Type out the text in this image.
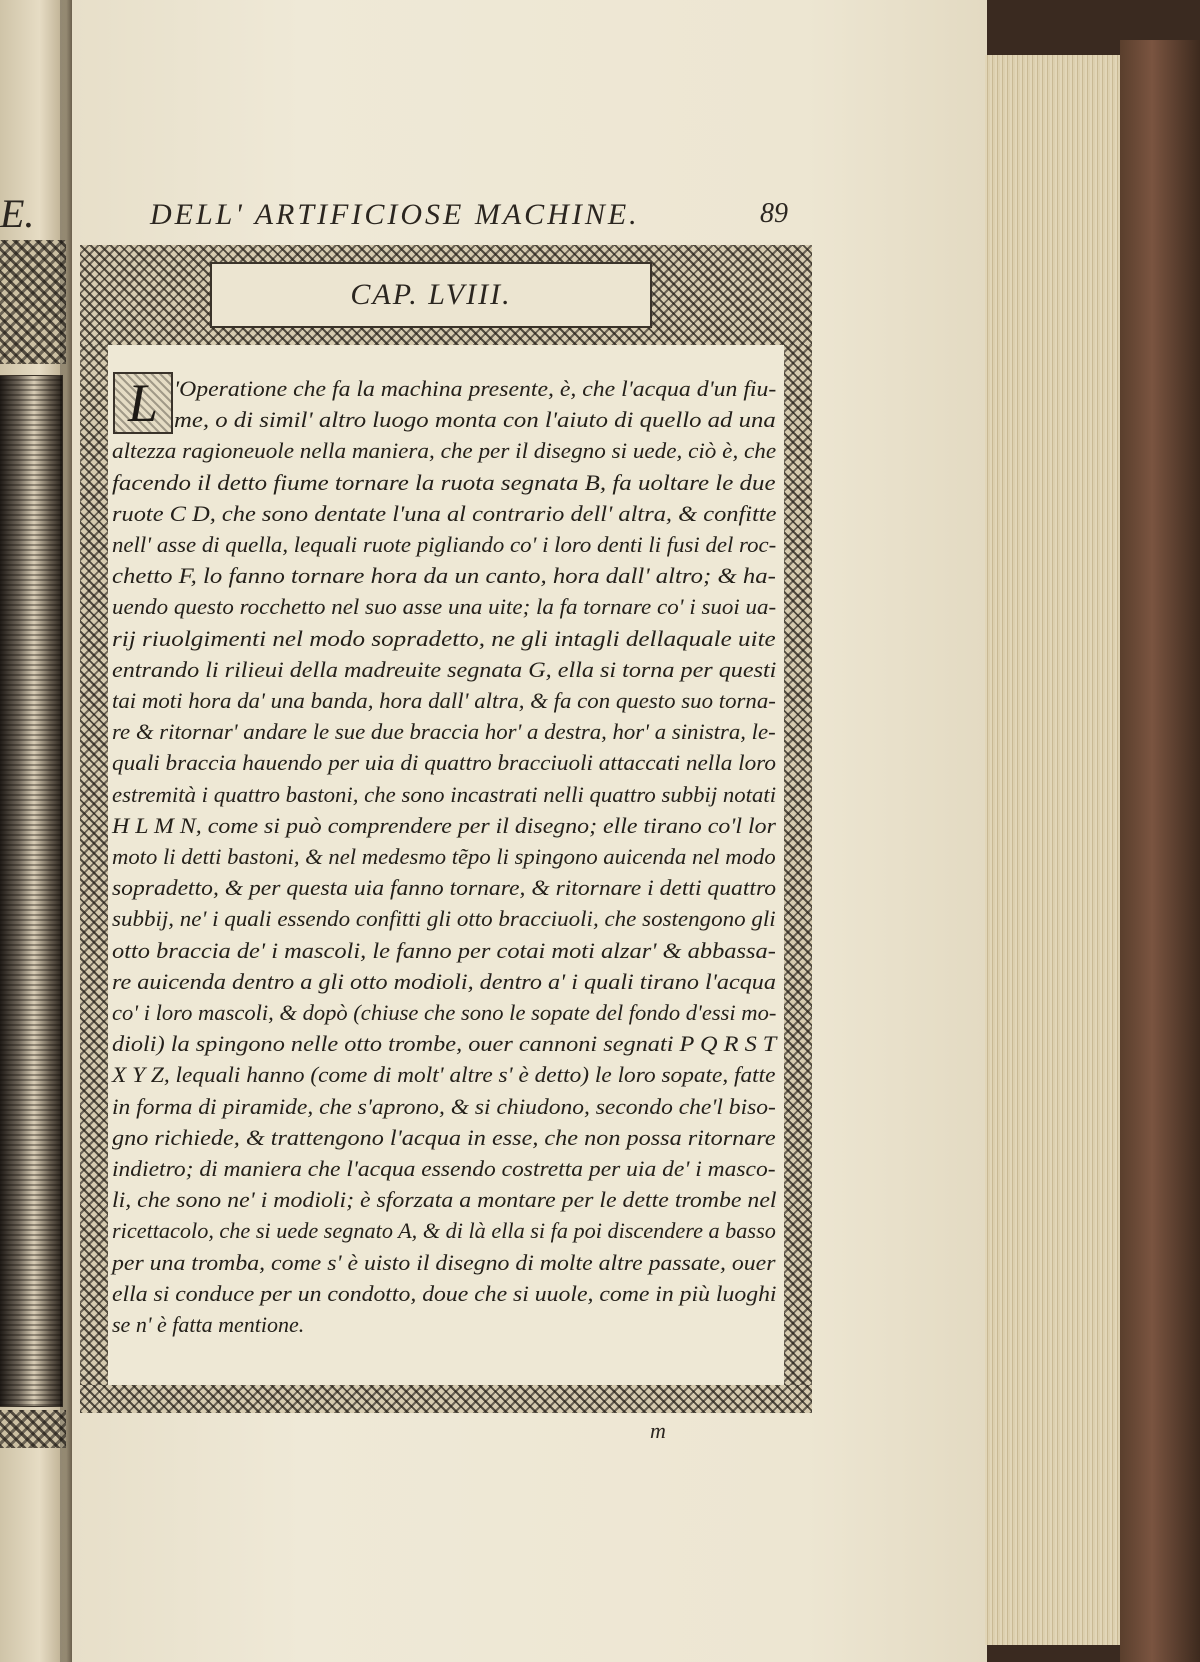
E.	DELL' ARTIFICIOSE MACHINE.	89
CAP. LVIII.
L 'Operatione che fa la machina presente, è, che l'acqua d'un fiu-
me, o di simil' altro luogo monta con l'aiuto di quello ad una
altezza ragioneuole nella maniera, che per il disegno si uede, ciò è, che
facendo il detto fiume tornare la ruota segnata B, fa uoltare le due
ruote C D, che sono dentate l'una al contrario dell' altra, & confitte
nell' asse di quella, lequali ruote pigliando co' i loro denti li fusi del roc-
chetto F, lo fanno tornare hora da un canto, hora dall' altro; & ha-
uendo questo rocchetto nel suo asse una uite; la fa tornare co' i suoi ua-
rij riuolgimenti nel modo sopradetto, ne gli intagli dellaquale uite
entrando li rilieui della madreuite segnata G, ella si torna per questi
tai moti hora da' una banda, hora dall' altra, & fa con questo suo torna-
re & ritornar' andare le sue due braccia hor' a destra, hor' a sinistra, le-
quali braccia hauendo per uia di quattro bracciuoli attaccati nella loro
estremità i quattro bastoni, che sono incastrati nelli quattro subbij notati
H L M N, come si può comprendere per il disegno; elle tirano co'l lor
moto li detti bastoni, & nel medesmo tẽpo li spingono auicenda nel modo
sopradetto, & per questa uia fanno tornare, & ritornare i detti quattro
subbij, ne' i quali essendo confitti gli otto bracciuoli, che sostengono gli
otto braccia de' i mascoli, le fanno per cotai moti alzar' & abbassa-
re auicenda dentro a gli otto modioli, dentro a' i quali tirano l'acqua
co' i loro mascoli, & dopò (chiuse che sono le sopate del fondo d'essi mo-
dioli) la spingono nelle otto trombe, ouer cannoni segnati P Q R S T
X Y Z, lequali hanno (come di molt' altre s' è detto) le loro sopate, fatte
in forma di piramide, che s'aprono, & si chiudono, secondo che'l biso-
gno richiede, & trattengono l'acqua in esse, che non possa ritornare
indietro; di maniera che l'acqua essendo costretta per uia de' i masco-
li, che sono ne' i modioli; è sforzata a montare per le dette trombe nel
ricettacolo, che si uede segnato A, & di là ella si fa poi discendere a basso
per una tromba, come s' è uisto il disegno di molte altre passate, ouer
ella si conduce per un condotto, doue che si uuole, come in più luoghi
se n' è fatta mentione.
m
